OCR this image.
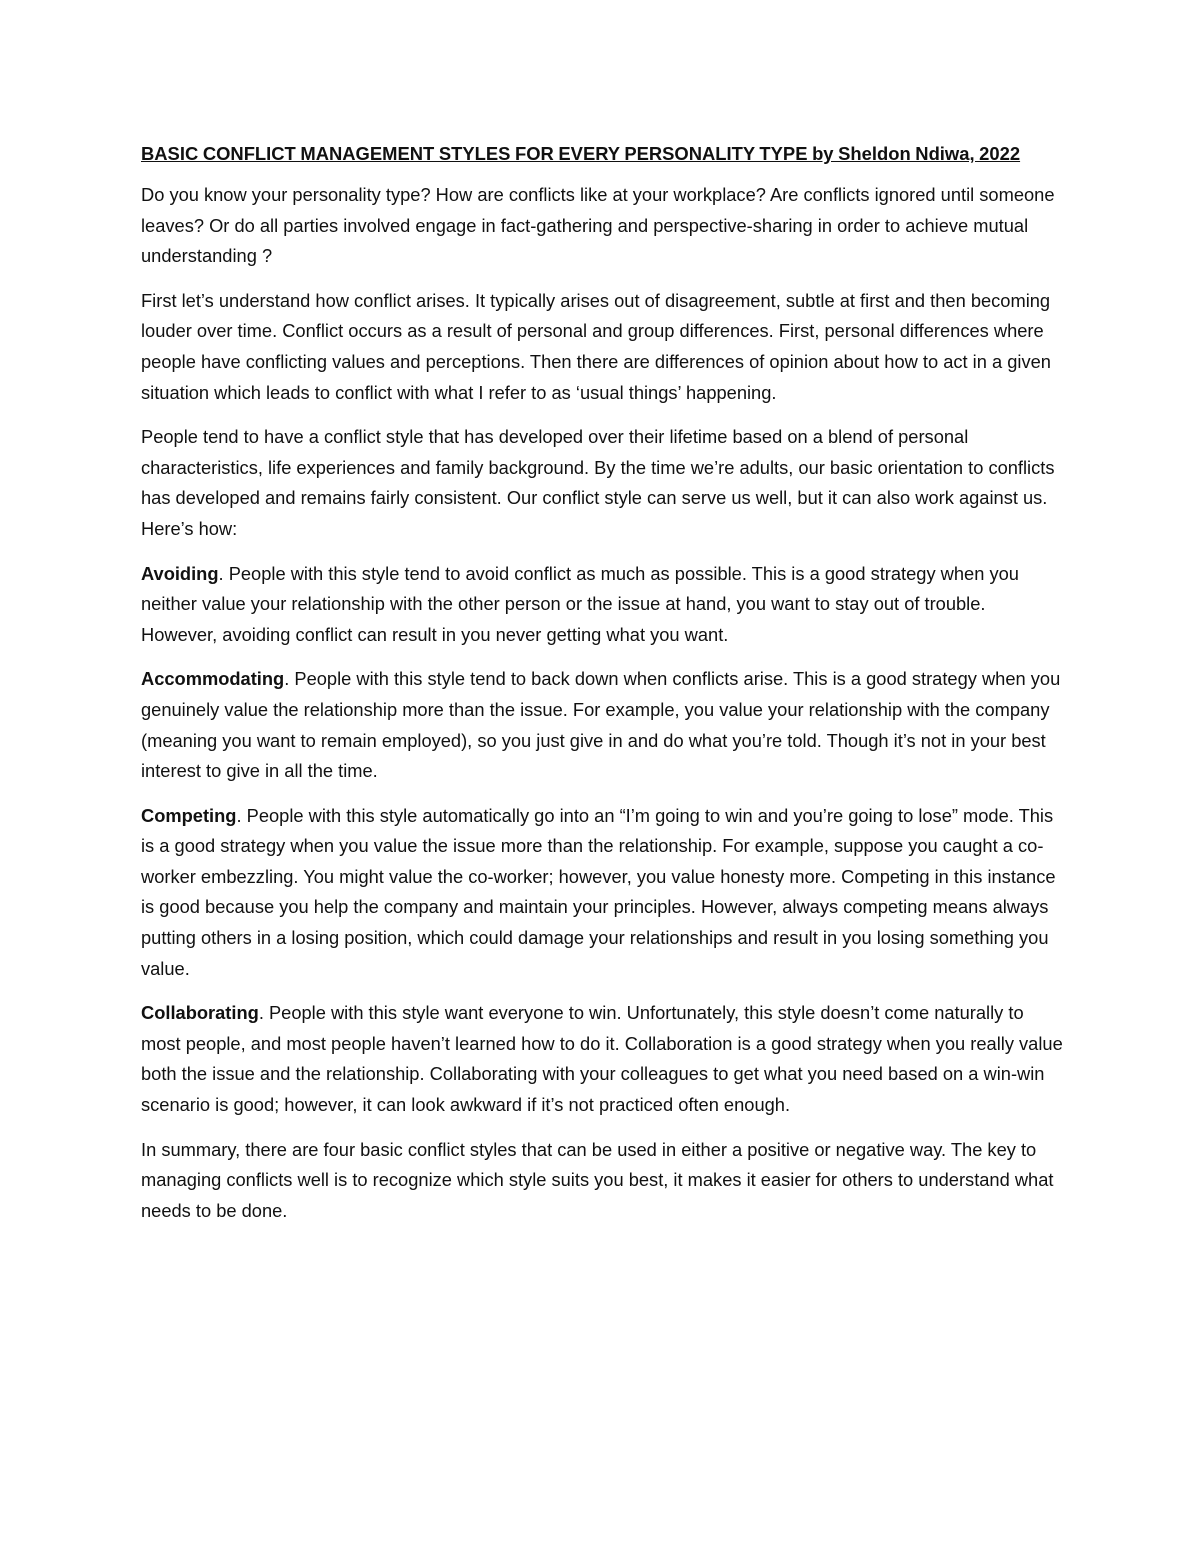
BASIC CONFLICT MANAGEMENT STYLES FOR EVERY PERSONALITY TYPE by Sheldon Ndiwa, 2022

Do you know your personality type? How are conflicts like at your workplace? Are conflicts ignored until someone leaves? Or do all parties involved engage in fact-gathering and perspective-sharing in order to achieve mutual understanding ?

First let’s understand how conflict arises. It typically arises out of disagreement, subtle at first and then becoming louder over time. Conflict occurs as a result of personal and group differences. First, personal differences where people have conflicting values and perceptions. Then there are differences of opinion about how to act in a given situation which leads to conflict with what I refer to as ‘usual things’ happening.

People tend to have a conflict style that has developed over their lifetime based on a blend of personal characteristics, life experiences and family background. By the time we’re adults, our basic orientation to conflicts has developed and remains fairly consistent. Our conflict style can serve us well, but it can also work against us. Here’s how:

Avoiding. People with this style tend to avoid conflict as much as possible. This is a good strategy when you neither value your relationship with the other person or the issue at hand, you want to stay out of trouble. However, avoiding conflict can result in you never getting what you want.

Accommodating. People with this style tend to back down when conflicts arise. This is a good strategy when you genuinely value the relationship more than the issue. For example, you value your relationship with the company (meaning you want to remain employed), so you just give in and do what you’re told. Though it’s not in your best interest to give in all the time.

Competing. People with this style automatically go into an “I’m going to win and you’re going to lose” mode. This is a good strategy when you value the issue more than the relationship. For example, suppose you caught a co-worker embezzling. You might value the co-worker; however, you value honesty more. Competing in this instance is good because you help the company and maintain your principles. However, always competing means always putting others in a losing position, which could damage your relationships and result in you losing something you value.

Collaborating. People with this style want everyone to win. Unfortunately, this style doesn’t come naturally to most people, and most people haven’t learned how to do it. Collaboration is a good strategy when you really value both the issue and the relationship. Collaborating with your colleagues to get what you need based on a win-win scenario is good; however, it can look awkward if it’s not practiced often enough.

In summary, there are four basic conflict styles that can be used in either a positive or negative way. The key to managing conflicts well is to recognize which style suits you best, it makes it easier for others to understand what needs to be done.
